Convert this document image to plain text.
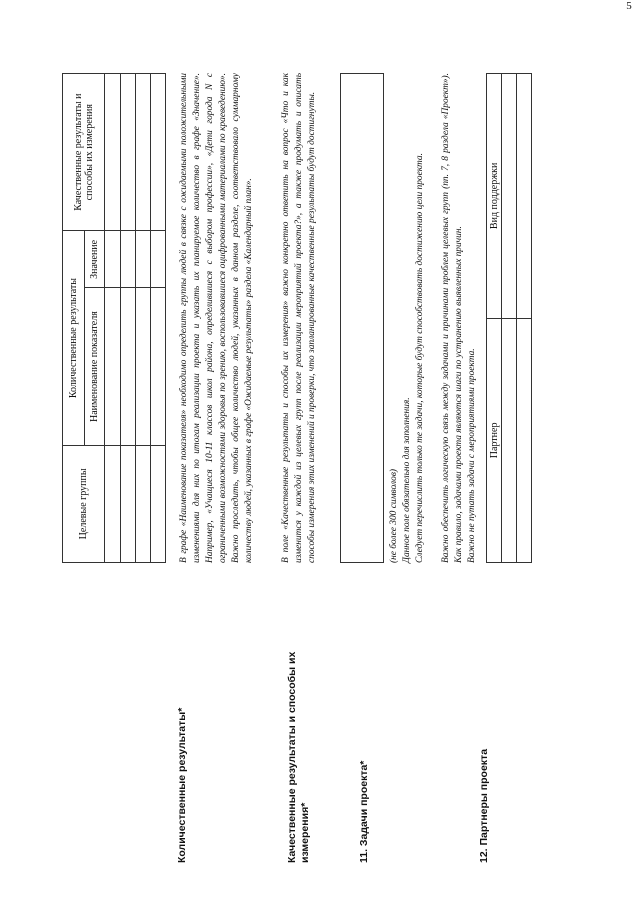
5
Количественные результаты*	Качественные результаты и способы их измерения*	11. Задачи проекта*	12. Партнеры проекта
Целевые группы	Количественные результаты		Качественные результаты и способы их измерения
	Наименование показателя	Значение	

				В графе «Наименование показателя» необходимо определить группы людей в связке с ожидаемыми положительными изменениями для них по итогам реализации проекта и указать их планируемое количество в графе «Значение». Например, «Учащиеся 10-11 классов школ района, определившиеся с выбором профессии», «Дети города N с ограниченными возможностями здоровья по зрению, воспользовавшиеся оцифрованными материалами по краеведению». Важно проследить, чтобы общее количество людей, указанных в данном разделе, соответствовало суммарному количеству людей, указанных в графе «Ожидаемые результаты» раздела «Календарный план».	В поле «Качественные результаты и способы их измерения» важно конкретно ответить на вопрос «Что и как изменится у каждой из целевых групп после реализации мероприятий проекта?», а также продумать и описать способы измерения этих изменений и проверки, что запланированные качественные результаты будут достигнуты.	(не более 300 символов) Данное поле обязательно для заполнения. Следует перечислить только те задачи, которые будут способствовать достижению цели проекта. Важно обеспечить логическую связь между задачами и причинами проблем целевых групп (пп. 7, 8 раздела «Проект»). Как правило, задачами проекта являются шаги по устранению выявленных причин. Важно не путать задачи с мероприятиями проекта. Партнер	Вид поддержки
